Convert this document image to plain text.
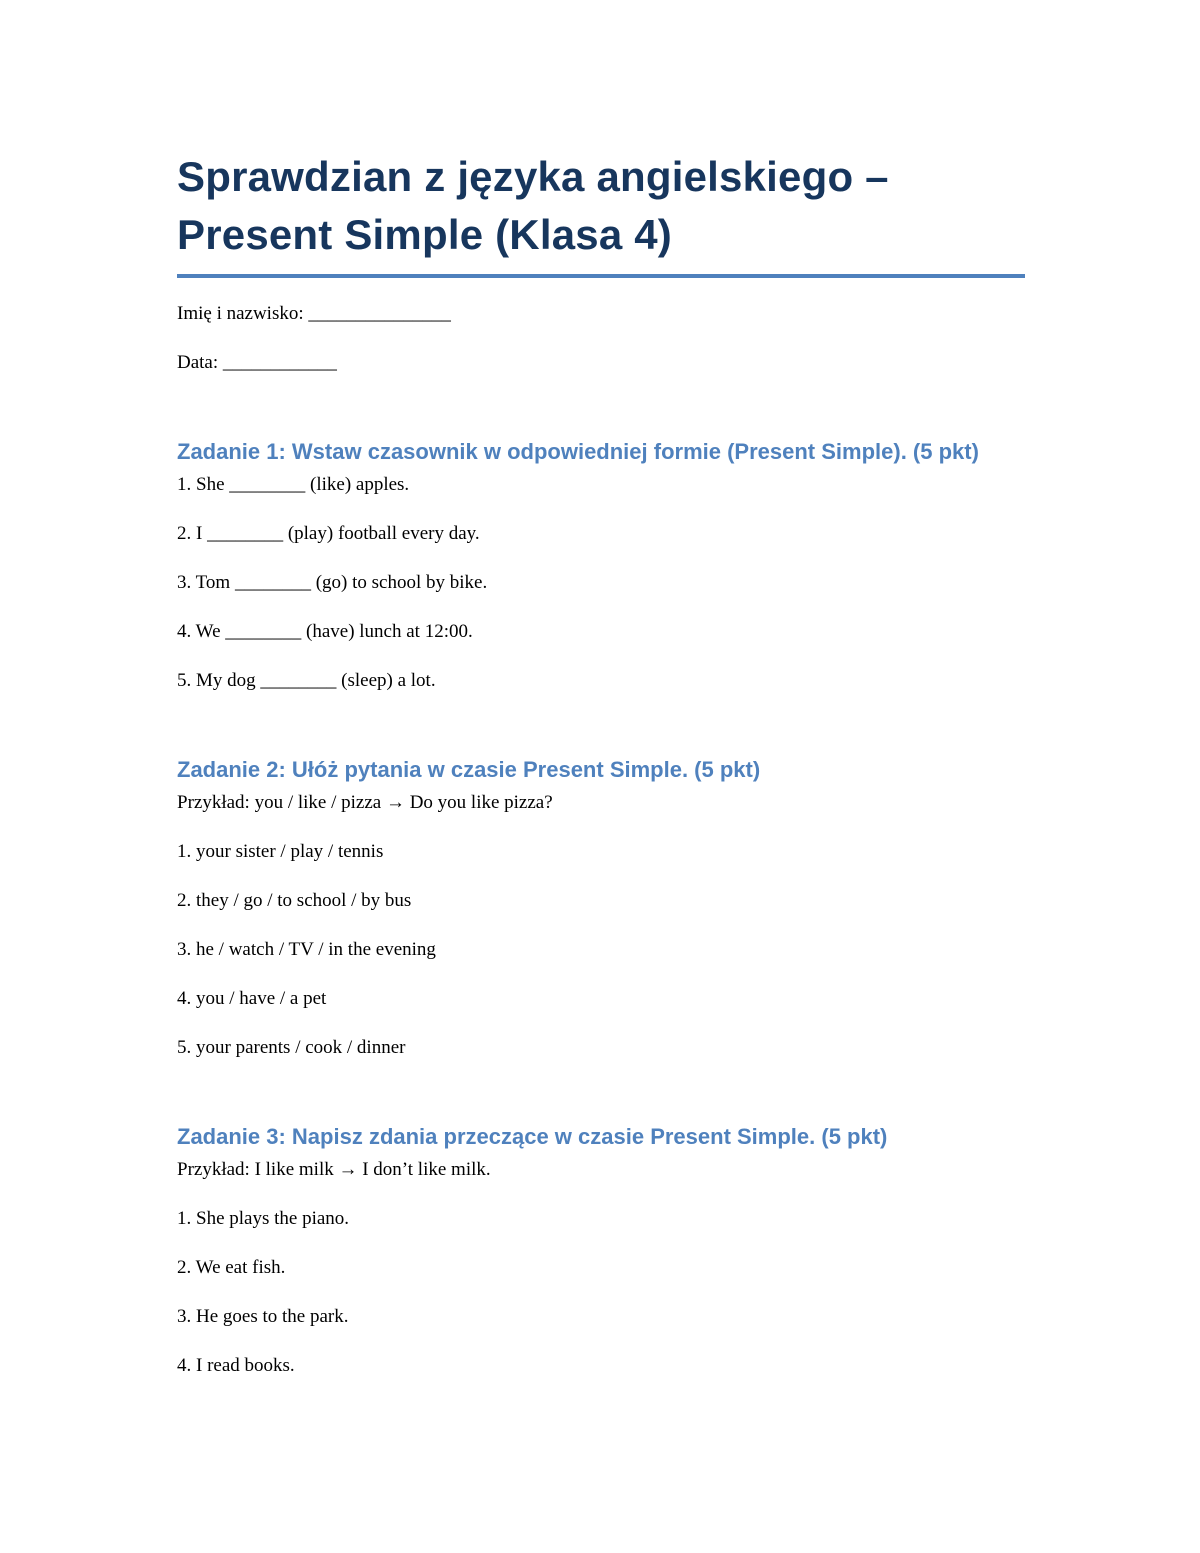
Sprawdzian z języka angielskiego – Present Simple (Klasa 4)

Imię i nazwisko: _______________

Data: ____________

Zadanie 1: Wstaw czasownik w odpowiedniej formie (Present Simple). (5 pkt)
1. She ________ (like) apples.
2. I ________ (play) football every day.
3. Tom ________ (go) to school by bike.
4. We ________ (have) lunch at 12:00.
5. My dog ________ (sleep) a lot.
Zadanie 2: Ułóż pytania w czasie Present Simple. (5 pkt)

Przykład: you / like / pizza → Do you like pizza?

1. your sister / play / tennis
2. they / go / to school / by bus
3. he / watch / TV / in the evening
4. you / have / a pet
5. your parents / cook / dinner
Zadanie 3: Napisz zdania przeczące w czasie Present Simple. (5 pkt)

Przykład: I like milk → I don’t like milk.

1. She plays the piano.
2. We eat fish.
3. He goes to the park.
4. I read books.
